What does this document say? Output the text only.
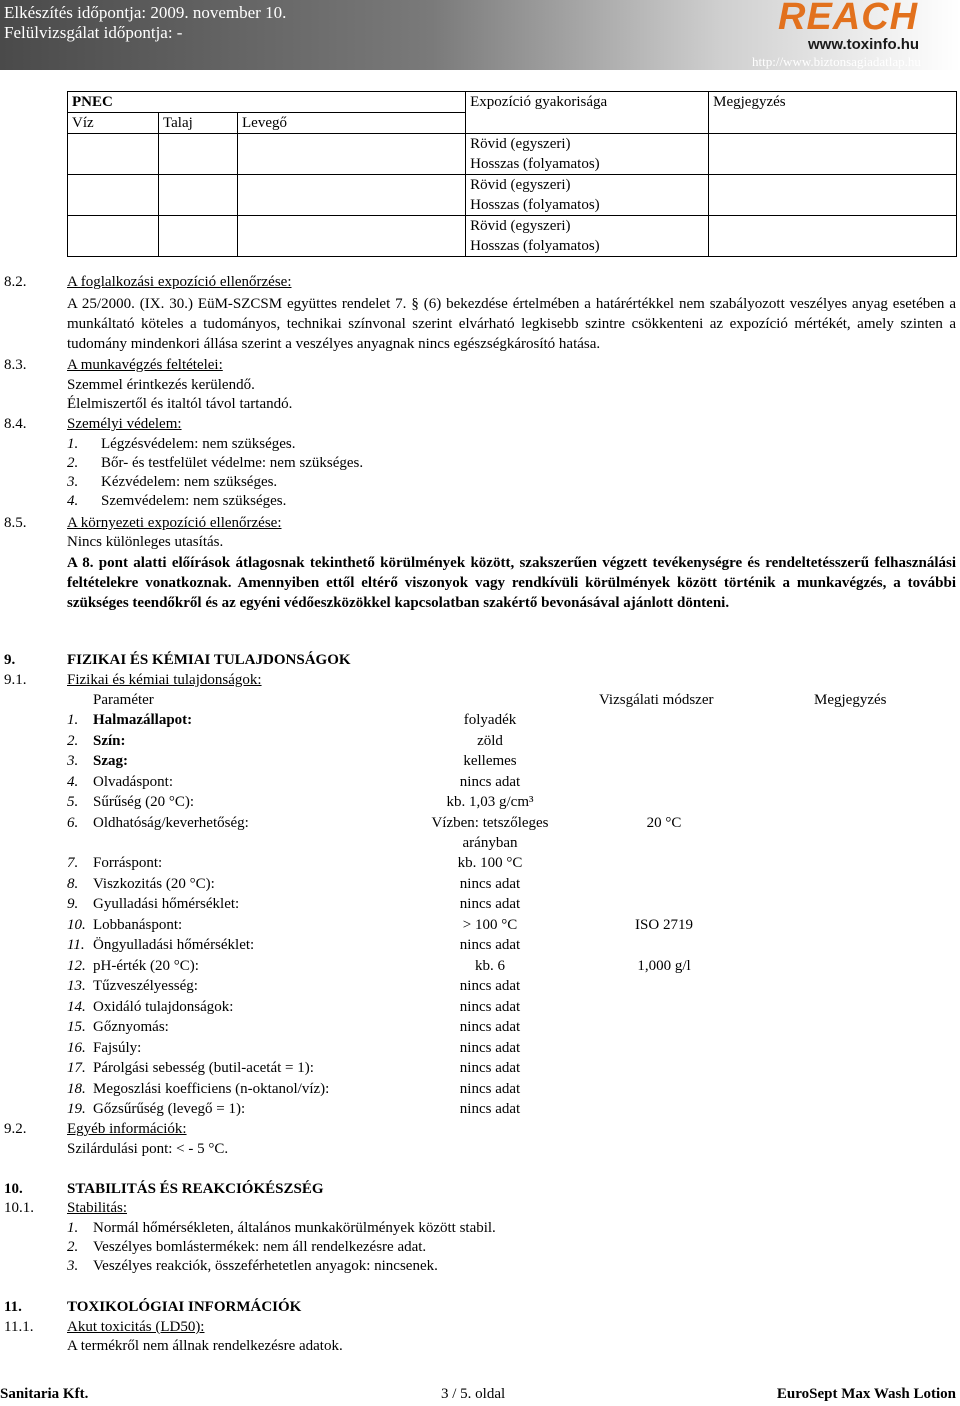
Elkészítés időpontja: 2009. november 10.
Felülvizsgálat időpontja: -	REACH
www.toxinfo.hu
http://www.biztonsagiadatlap.hu
PNEC			Expozíció gyakorisága	Megjegyzés
Víz	Talaj	Levegő		

			Rövid (egyszeri)
Hosszas (folyamatos)	

			Rövid (egyszeri)
Hosszas (folyamatos)	

			Rövid (egyszeri)
Hosszas (folyamatos)	

8.2.	A foglalkozási expozíció ellenőrzése:
A 25/2000. (IX. 30.) EüM-SZCSM együttes rendelet 7. § (6) bekezdése értelmében a határértékkel nem szabályozott veszélyes anyag esetében a munkáltató köteles a tudományos, technikai színvonal szerint elvárható legkisebb szintre csökkenteni az expozíció mértékét, amely szinten a tudomány mindenkori állása szerint a veszélyes anyagnak nincs egészségkárosító hatása.
8.3.	A munkavégzés feltételei:
Szemmel érintkezés kerülendő.
Élelmiszertől és italtól távol tartandó.
8.4.	Személyi védelem:
1. Légzésvédelem: nem szükséges.
2. Bőr- és testfelület védelme: nem szükséges.
3. Kézvédelem: nem szükséges.
4. Szemvédelem: nem szükséges.
8.5.	A környezeti expozíció ellenőrzése:
Nincs különleges utasítás.
A 8. pont alatti előírások átlagosnak tekinthető körülmények között, szakszerűen végzett tevékenységre és rendeltetésszerű felhasználási feltételekre vonatkoznak. Amennyiben ettől eltérő viszonyok vagy rendkívüli körülmények között történik a munkavégzés, a további szükséges teendőkről és az egyéni védőeszközökkel kapcsolatban szakértő bevonásával ajánlott dönteni.
9.	FIZIKAI ÉS KÉMIAI TULAJDONSÁGOK
9.1.	Fizikai és kémiai tulajdonságok:
Paraméter	Vizsgálati módszer	Megjegyzés
1. Halmazállapot:	folyadék
2. Szín:	zöld
3. Szag:	kellemes
4. Olvadáspont:	nincs adat
5. Sűrűség (20 °C):	kb. 1,03 g/cm³
6. Oldhatóság/keverhetőség:	Vízben: tetszőleges	20 °C
arányban
7. Forráspont:	kb. 100 °C
8. Viszkozitás (20 °C):	nincs adat
9. Gyulladási hőmérséklet:	nincs adat
10. Lobbanáspont:	> 100 °C	ISO 2719
11. Öngyulladási hőmérséklet:	nincs adat
12. pH-érték (20 °C):	kb. 6	1,000 g/l
13. Tűzveszélyesség:	nincs adat
14. Oxidáló tulajdonságok:	nincs adat
15. Gőznyomás:	nincs adat
16. Fajsúly:	nincs adat
17. Párolgási sebesség (butil-acetát = 1):	nincs adat
18. Megoszlási koefficiens (n-oktanol/víz):	nincs adat
19. Gőzsűrűség (levegő = 1):	nincs adat
9.2.	Egyéb információk:
Szilárdulási pont: < - 5 °C.
10.	STABILITÁS ÉS REAKCIÓKÉSZSÉG
10.1. Stabilitás:
1. Normál hőmérsékleten, általános munkakörülmények között stabil.
2. Veszélyes bomlástermékek: nem áll rendelkezésre adat.
3. Veszélyes reakciók, összeférhetetlen anyagok: nincsenek.
11.	TOXIKOLÓGIAI INFORMÁCIÓK
11.1. Akut toxicitás (LD50):
A termékről nem állnak rendelkezésre adatok.
Sanitaria Kft.	3 / 5. oldal	EuroSept Max Wash Lotion
